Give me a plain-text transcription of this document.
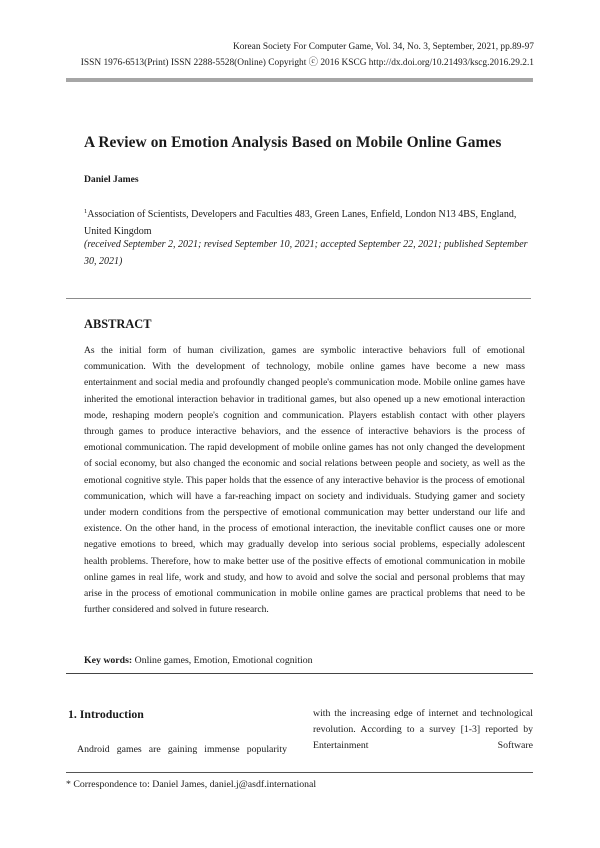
Korean Society For Computer Game, Vol. 34, No. 3, September, 2021, pp.89-97
ISSN 1976-6513(Print) ISSN 2288-5528(Online) Copyright ⓒ 2016 KSCG http://dx.doi.org/10.21493/kscg.2016.29.2.1
A Review on Emotion Analysis Based on Mobile Online Games
Daniel James
$^1$Association of Scientists, Developers and Faculties 483, Green Lanes, Enfield, London N13 4BS, England, United Kingdom
(received September 2, 2021; revised September 10, 2021; accepted September 22, 2021; published September 30, 2021)
ABSTRACT
As the initial form of human civilization, games are symbolic interactive behaviors full of emotional communication. With the development of technology, mobile online games have become a new mass entertainment and social media and profoundly changed people's communication mode. Mobile online games have inherited the emotional interaction behavior in traditional games, but also opened up a new emotional interaction mode, reshaping modern people's cognition and communication. Players establish contact with other players through games to produce interactive behaviors, and the essence of interactive behaviors is the process of emotional communication. The rapid development of mobile online games has not only changed the development of social economy, but also changed the economic and social relations between people and society, as well as the emotional cognitive style. This paper holds that the essence of any interactive behavior is the process of emotional communication, which will have a far-reaching impact on society and individuals. Studying gamer and society under modern conditions from the perspective of emotional communication may better understand our life and existence. On the other hand, in the process of emotional interaction, the inevitable conflict causes one or more negative emotions to breed, which may gradually develop into serious social problems, especially adolescent health problems. Therefore, how to make better use of the positive effects of emotional communication in mobile online games in real life, work and study, and how to avoid and solve the social and personal problems that may arise in the process of emotional communication in mobile online games are practical problems that need to be further considered and solved in future research.
Key words: Online games, Emotion, Emotional cognition
1. Introduction
Android games are gaining immense popularity
with the increasing edge of internet and technological revolution. According to a survey [1-3] reported by Entertainment Software
* Correspondence to: Daniel James, daniel.j@asdf.international
